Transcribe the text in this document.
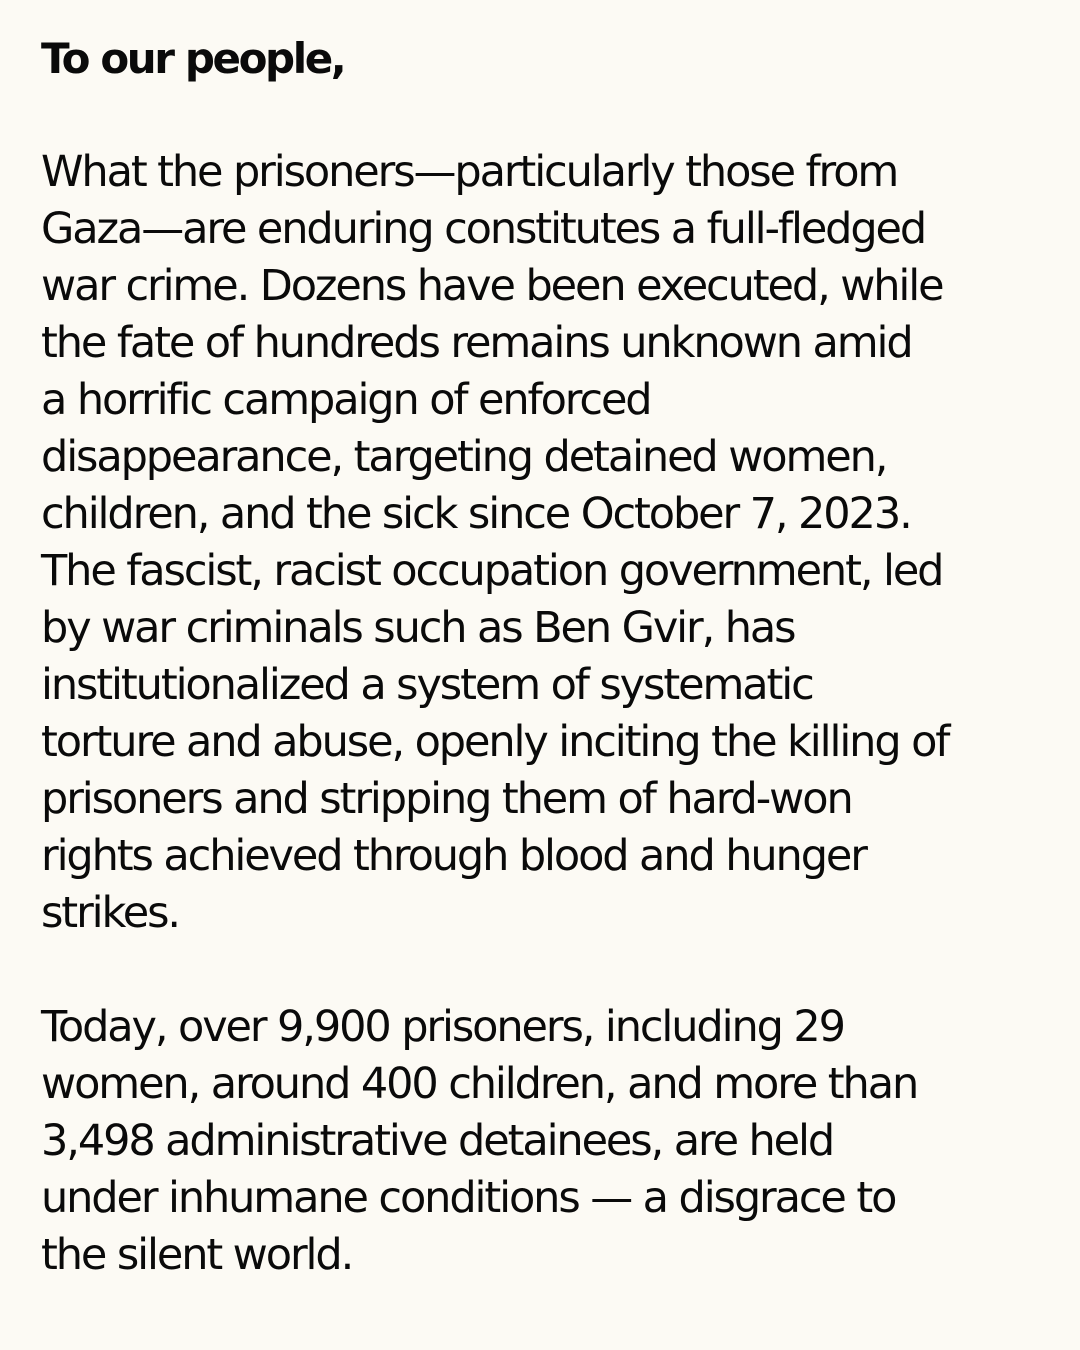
To our people,

What the prisoners—particularly those from
Gaza—are enduring constitutes a full-fledged
war crime. Dozens have been executed, while
the fate of hundreds remains unknown amid
a horrific campaign of enforced
disappearance, targeting detained women,
children, and the sick since October 7, 2023.
The fascist, racist occupation government, led
by war criminals such as Ben Gvir, has
institutionalized a system of systematic
torture and abuse, openly inciting the killing of
prisoners and stripping them of hard-won
rights achieved through blood and hunger
strikes.

Today, over 9,900 prisoners, including 29
women, around 400 children, and more than
3,498 administrative detainees, are held
under inhumane conditions — a disgrace to
the silent world.
